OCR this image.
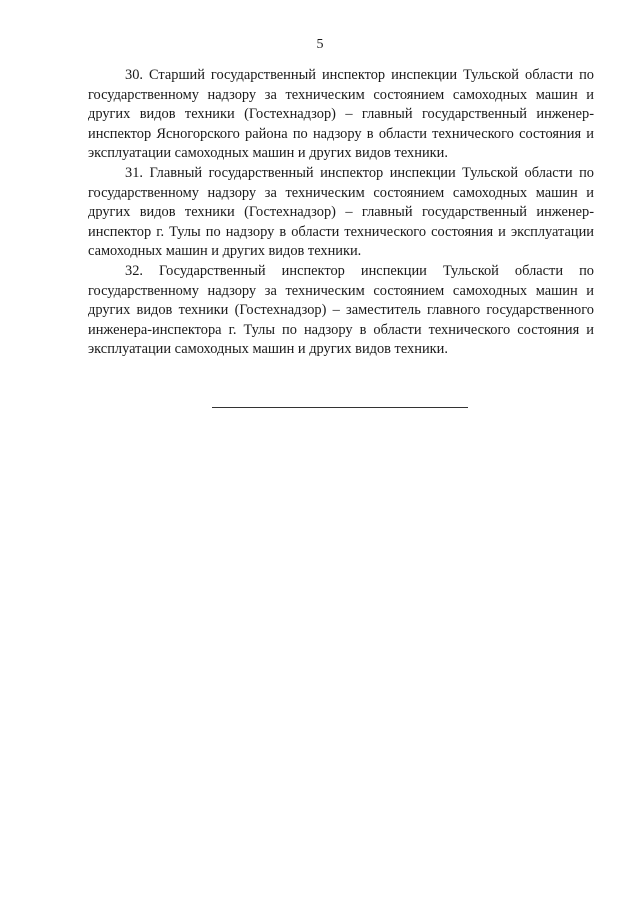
5

30. Старший государственный инспектор инспекции Тульской области по государственному надзору за техническим состоянием самоходных машин и других видов техники (Гостехнадзор) – главный государственный инженер-инспектор Ясногорского района по надзору в области технического состояния и эксплуатации самоходных машин и других видов техники.

31. Главный государственный инспектор инспекции Тульской области по государственному надзору за техническим состоянием самоходных машин и других видов техники (Гостехнадзор) – главный государственный инженер-инспектор г. Тулы по надзору в области технического состояния и эксплуатации самоходных машин и других видов техники.

32. Государственный инспектор инспекции Тульской области по государственному надзору за техническим состоянием самоходных машин и других видов техники (Гостехнадзор) – заместитель главного государственного инженера-инспектора г. Тулы по надзору в области технического состояния и эксплуатации самоходных машин и других видов техники.
